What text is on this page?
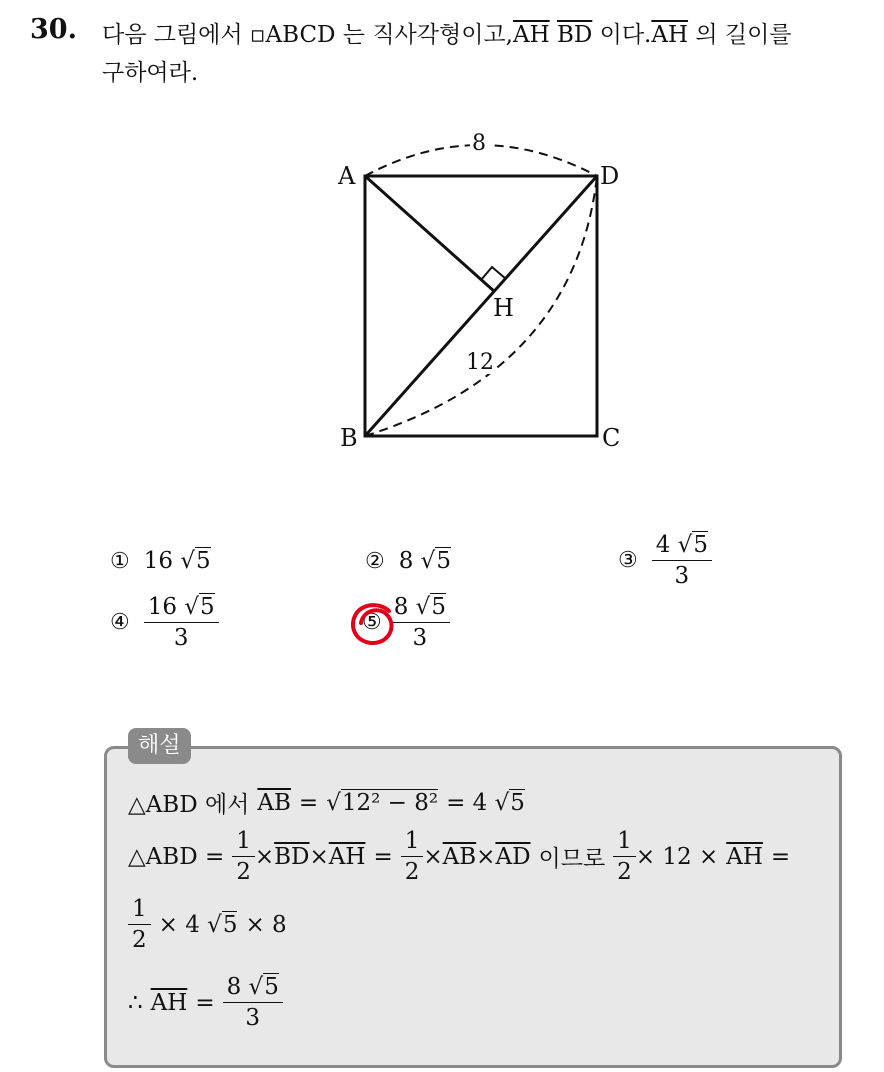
30. 다음 그림에서 ▫ABCD 는 직사각형이고$,\overline{AH}$ $\overline{BD}$ 이다$.\overline{AH}$ 의 길이를
구하여라.
8
12
A	D
B	C
H
① 16 √5	② 8 √5	③ $\frac{4 √5}{3}$
④ $\frac{16 √5}{3}$	⑤ $\frac{8 √5}{3}$
해설
△ABD 에서 $\overline{AB} = √12^2 - 8^2 = 4$ √5
△ABD = $\frac{1}{2} \times \overline{BD} \times \overline{AH} = \frac{1}{2} \times \overline{AB} \times \overline{AD}$ 이므로 $\frac{1}{2} \times 12 \times \overline{AH}$ =
$\frac{1}{2} \times 4$ √5 × 8
∴ $\overline{AH} = \frac{8 √5}{3}$
